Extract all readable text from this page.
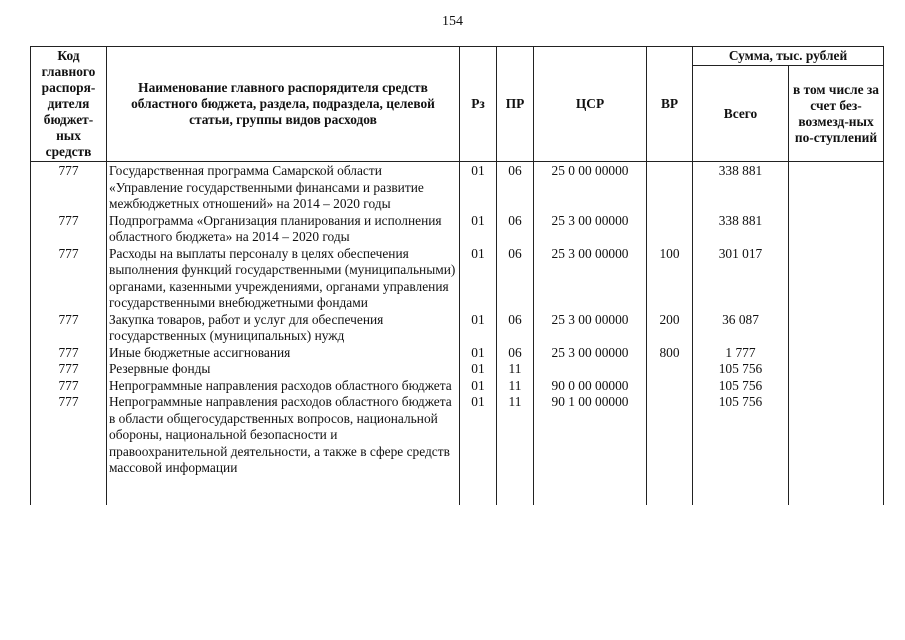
154
Код главного распоря-дителя бюджет-ных средств	Наименование главного распорядителя средств областного бюджета, раздела, подраздела, целевой статьи, группы видов расходов	Рз	ПР	ЦСР	ВР	Сумма, тыс. рублей	
						Всего	в том числе за счет без-возмезд-ных по-ступлений
777	Государственная программа Самарской области «Управление государственными финансами и развитие межбюджетных отношений» на 2014 – 2020 годы	01	06	25 0 00 00000		338 881	
777	Подпрограмма «Организация планирования и исполнения областного бюджета» на 2014 – 2020 годы	01	06	25 3 00 00000		338 881	
777	Расходы на выплаты персоналу в целях обеспечения выполнения функций государственными (муниципальными) органами, казенными учреждениями, органами управления государственными внебюджетными фондами	01	06	25 3 00 00000	100	301 017	
777	Закупка товаров, работ и услуг для обеспечения государственных (муниципальных) нужд	01	06	25 3 00 00000	200	36 087	
777	Иные бюджетные ассигнования	01	06	25 3 00 00000	800	1 777	
777	Резервные фонды	01	11			105 756	
777	Непрограммные направления расходов областного бюджета	01	11	90 0 00 00000		105 756	
777	Непрограммные направления расходов областного бюджета в области общегосударственных вопросов, национальной обороны, национальной безопасности и правоохранительной деятельности, а также в сфере средств массовой информации	01	11	90 1 00 00000		105 756	
